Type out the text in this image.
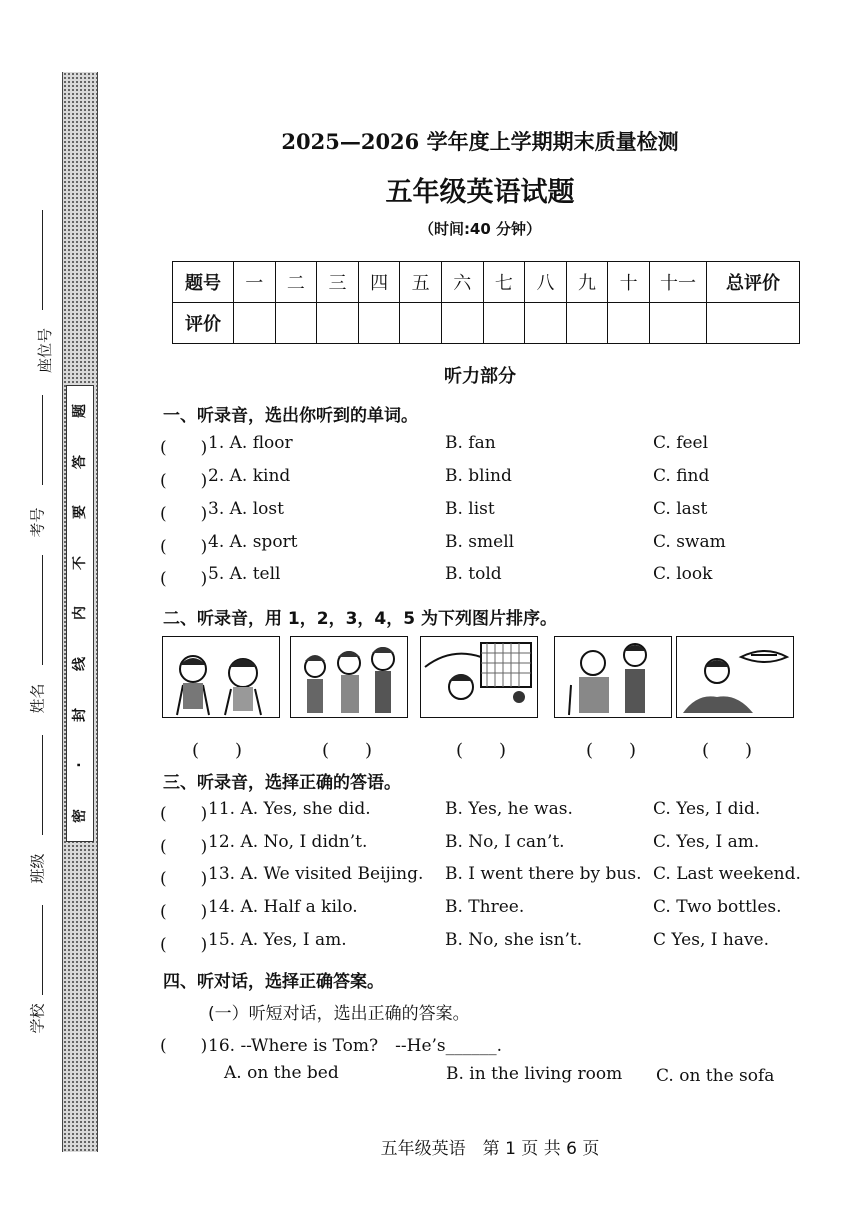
题
答
要
不
内
线
封
·
密
座位号
考号
姓名
班级
学校
2025—2026 学年度上学期期末质量检测
五年级英语试题
（时间:40 分钟）
题号	一	二	三	四	五	六	七	八	九	十	十一	总评价
评价												
听力部分
一、听录音，选出你听到的单词。
(　　) 1. A. floor	B. fan	C. feel
(　　) 2. A. kind	B. blind	C. find
(　　) 3. A. lost	B. list	C. last
(　　) 4. A. sport	B. smell	C. swam
(　　) 5. A. tell	B. told	C. look
二、听录音，用 1，2，3，4，5 为下列图片排序。
(　　)	(　　)	(　　)	(　　)	(　　)
三、听录音，选择正确的答语。
(　　) 11. A. Yes, she did.	B. Yes, he was.	C. Yes, I did.
(　　) 12. A. No, I didn’t.	B. No, I can’t.	C. Yes, I am.
(　　) 13. A. We visited Beijing. B. I went there by bus. C. Last weekend.
(　　) 14. A. Half a kilo.	B. Three.	C. Two bottles.
(　　) 15. A. Yes, I am.	B. No, she isn’t.	C Yes, I have.
四、听对话，选择正确答案。
(一）听短对话，选出正确的答案。
(　　) 16. --Where is Tom?　--He’s______.
A. on the bed	B. in the living room C. on the sofa
五年级英语　第 1 页 共 6 页
